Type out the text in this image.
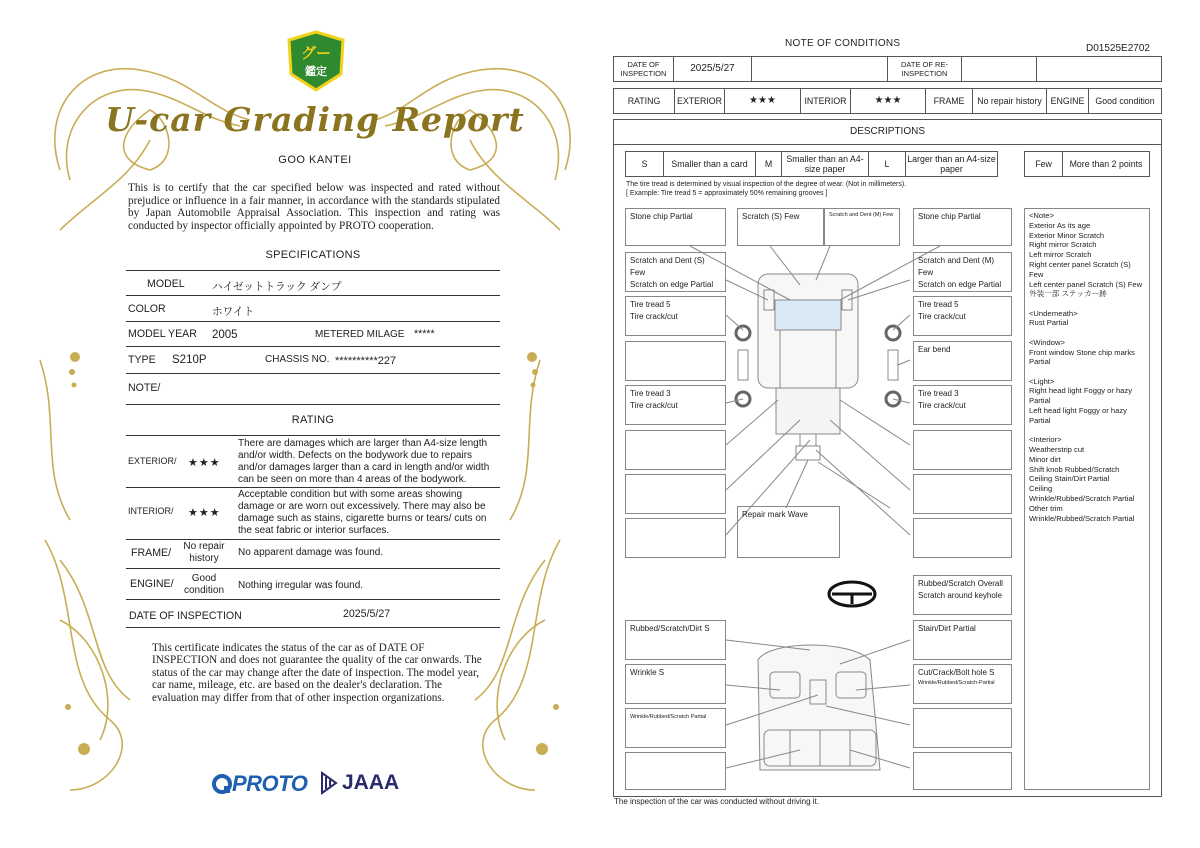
グー
鑑定
U-car Grading Report
GOO KANTEI
This is to certify that the car specified below was inspected and rated without prejudice or influence in a fair manner, in accordance with the standards stipulated by Japan Automobile Appraisal Association. This inspection and rating was conducted by inspector officially appointed by PROTO cooperation.
SPECIFICATIONS
MODEL	ハイゼットトラック ダンプ
COLOR	ホワイト
MODEL YEAR 2005	METERED MILAGE *****
TYPE S210P	CHASSIS NO. **********227
NOTE/
RATING
EXTERIOR/ ★★★
There are damages which are larger than A4-size length and/or width. Defects on the bodywork due to repairs and/or damages larger than a card in length and/or width can be seen on more than 4 areas of the bodywork.
INTERIOR/ ★★★
Acceptable condition but with some areas showing damage or are worn out excessively. There may also be damage such as stains, cigarette burns or tears/ cuts on the seat fabric or interior surfaces.
FRAME/
No repair history
No apparent damage was found.
ENGINE/	Good condition	Nothing irregular was found.
DATE OF INSPECTION	2025/5/27
This certificate indicates the status of the car as of DATE OF INSPECTION and does not guarantee the quality of the car onwards. The status of the car may change after the date of inspection. The model year, car name, mileage, etc. are based on the dealer's declaration. The evaluation may differ from that of other inspection organizations.
PROTO JAAA
NOTE OF CONDITIONS	D01525E2702
DATE OF INSPECTION	2025/5/27		DATE OF RE-INSPECTION		
RATING	EXTERIOR	★★★	INTERIOR	★★★	FRAME	No repair history	ENGINE	Good condition
DESCRIPTIONS
S	Smaller than a card	M	Smaller than an A4-size paper	L	Larger than an A4-size paper	Few	More than 2 points
The tire tread is determined by visual inspection of the degree of wear. (Not in millimeters).
[ Example: Tire tread 5 = approximately 50% remaining grooves ]
Stone chip Partial	Scratch (S) Few	Scratch and Dent (M) Few	Stone chip Partial
Scratch and Dent (S) Few
Scratch on edge Partial
Scratch and Dent (M) Few
Scratch on edge Partial
Tire tread 5
Tire crack/cut
Tire tread 5
Tire crack/cut
Ear bend
Tire tread 3
Tire crack/cut
Tire tread 3
Tire crack/cut
Repair mark Wave
Rubbed/Scratch Overall
Scratch around keyhole
Rubbed/Scratch/Dirt S	Stain/Dirt Partial
Wrinkle S	Cut/Crack/Bolt hole S
Wrinkle/Rubbed/Scratch-Partial
Wrinkle/Rubbed/Scratch Partial
<Note>
Exterior As its age
Exterior Minor Scratch
Right mirror Scratch
Left mirror Scratch
Right center panel Scratch (S) Few
Left center panel Scratch (S) Few
外装一部 ステッカー跡
<Underneath>
Rust Partial
<Window>
Front window Stone chip marks Partial
<Light>
Right head light Foggy or hazy Partial
Left head light Foggy or hazy Partial
<Interior>
Weatherstrip cut
Minor dirt
Shift knob Rubbed/Scratch
Ceiling Stain/Dirt Partial
Ceiling
Wrinkle/Rubbed/Scratch Partial
Other trim
Wrinkle/Rubbed/Scratch Partial
The inspection of the car was conducted without driving it.
